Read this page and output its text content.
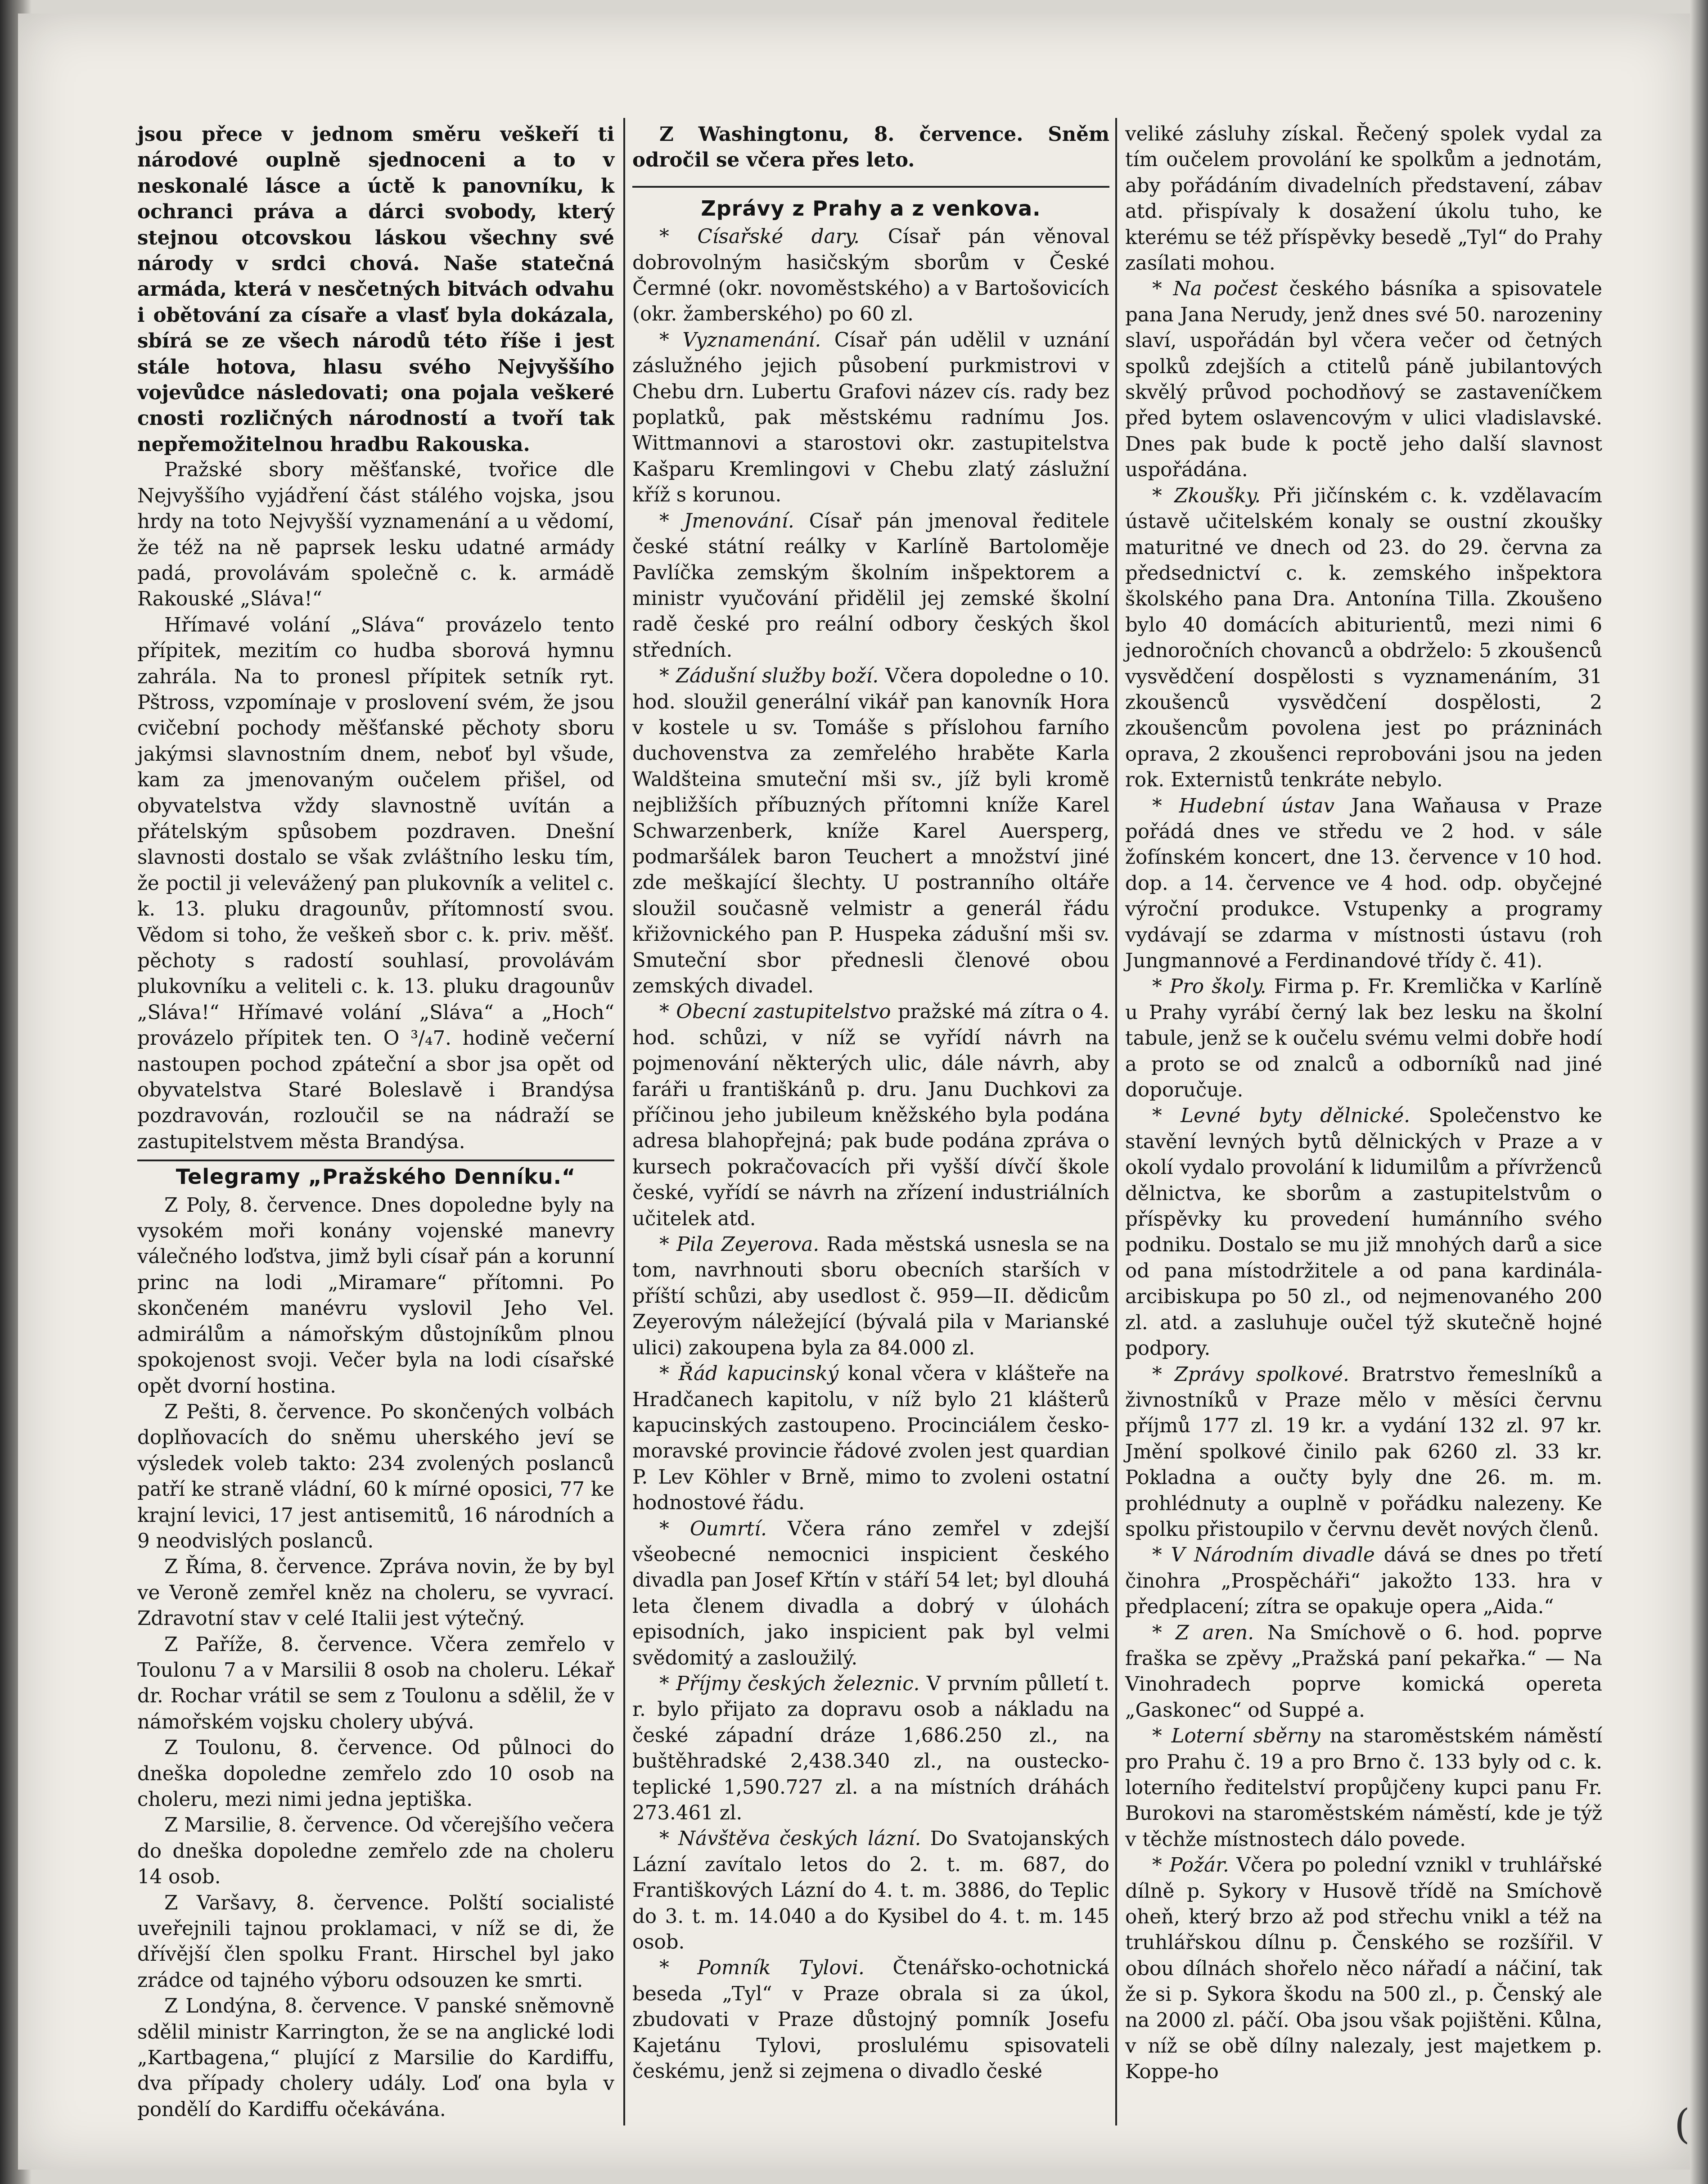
jsou přece v jednom směru veškeří ti národové ouplně sjednoceni a to v neskonalé lásce a úctě k panovníku, k ochranci práva a dárci svobody, který stejnou otcovskou láskou všechny své národy v srdci chová. Naše statečná armáda, která v nesčetných bitvách odvahu i obětování za císaře a vlasť byla dokázala, sbírá se ze všech národů této říše i jest stále hotova, hlasu svého Nejvyššího vojevůdce následovati; ona pojala veškeré cnosti rozličných národností a tvoří tak nepřemožitelnou hradbu Rakouska.

Pražské sbory měšťanské, tvořice dle Nejvyššího vyjádření část stálého vojska, jsou hrdy na toto Nejvyšší vyznamenání a u vědomí, že též na ně paprsek lesku udatné armády padá, provolávám společně c. k. armádě Rakouské „Sláva!“

Hřímavé volání „Sláva“ provázelo tento přípitek, mezitím co hudba sborová hymnu zahrála. Na to pronesl přípitek setník ryt. Pštross, vzpomínaje v proslovení svém, že jsou cvičební pochody měšťanské pěchoty sboru jakýmsi slavnostním dnem, neboť byl všude, kam za jmenovaným oučelem přišel, od obyvatelstva vždy slavnostně uvítán a přátelským spůsobem pozdraven. Dnešní slavnosti dostalo se však zvláštního lesku tím, že poctil ji velevážený pan plukovník a velitel c. k. 13. pluku dragounův, přítomností svou. Vědom si toho, že veškeň sbor c. k. priv. měšť. pěchoty s radostí souhlasí, provolávám plukovníku a veliteli c. k. 13. pluku dragounův „Sláva!“ Hřímavé volání „Sláva“ a „Hoch“ provázelo přípitek ten. O ³/₄7. hodině večerní nastoupen pochod zpáteční a sbor jsa opět od obyvatelstva Staré Boleslavě i Brandýsa pozdravován, rozloučil se na nádraží se zastupitelstvem města Brandýsa.

Telegramy „Pražského Denníku.“

Z Poly, 8. července. Dnes dopoledne byly na vysokém moři konány vojenské manevry válečného loďstva, jimž byli císař pán a korunní princ na lodi „Miramare“ přítomni. Po skončeném manévru vyslovil Jeho Vel. admirálům a námořským důstojníkům plnou spokojenost svoji. Večer byla na lodi císařské opět dvorní hostina.

Z Pešti, 8. července. Po skončených volbách doplňovacích do sněmu uherského jeví se výsledek voleb takto: 234 zvolených poslanců patří ke straně vládní, 60 k mírné oposici, 77 ke krajní levici, 17 jest antisemitů, 16 národních a 9 neodvislých poslanců.

Z Říma, 8. července. Zpráva novin, že by byl ve Veroně zemřel kněz na choleru, se vyvrací. Zdravotní stav v celé Italii jest výtečný.

Z Paříže, 8. července. Včera zemřelo v Toulonu 7 a v Marsilii 8 osob na choleru. Lékař dr. Rochar vrátil se sem z Toulonu a sdělil, že v námořském vojsku cholery ubývá.

Z Toulonu, 8. července. Od půlnoci do dneška dopoledne zemřelo zdo 10 osob na choleru, mezi nimi jedna jeptiška.

Z Marsilie, 8. července. Od včerejšího večera do dneška dopoledne zemřelo zde na choleru 14 osob.

Z Varšavy, 8. července. Polští socialisté uveřejnili tajnou proklamaci, v níž se di, že dřívější člen spolku Frant. Hirschel byl jako zrádce od tajného výboru odsouzen ke smrti.

Z Londýna, 8. července. V panské sněmovně sdělil ministr Karrington, že se na anglické lodi „Kartbagena,“ plující z Marsilie do Kardiffu, dva případy cholery udály. Loď ona byla v pondělí do Kardiffu očekávána.

Z Washingtonu, 8. července. Sněm odročil se včera přes leto.

Zprávy z Prahy a z venkova.

* Císařské dary. Císař pán věnoval dobrovolným hasičským sborům v České Čermné (okr. novoměstského) a v Bartošovicích (okr. žamberského) po 60 zl.

* Vyznamenání. Císař pán udělil v uznání záslužného jejich působení purkmistrovi v Chebu drn. Lubertu Grafovi název cís. rady bez poplatků, pak městskému radnímu Jos. Wittmannovi a starostovi okr. zastupitelstva Kašparu Kremlingovi v Chebu zlatý záslužní kříž s korunou.

* Jmenování. Císař pán jmenoval ředitele české státní reálky v Karlíně Bartoloměje Pavlíčka zemským školním inšpektorem a ministr vyučování přidělil jej zemské školní radě české pro reální odbory českých škol středních.

* Zádušní služby boží. Včera dopoledne o 10. hod. sloužil generální vikář pan kanovník Hora v kostele u sv. Tomáše s příslohou farního duchovenstva za zemřelého hraběte Karla Waldšteina smuteční mši sv., jíž byli kromě nejbližších příbuzných přítomni kníže Karel Schwarzenberk, kníže Karel Auersperg, podmaršálek baron Teuchert a množství jiné zde meškající šlechty. U postranního oltáře sloužil současně velmistr a generál řádu křižovnického pan P. Huspeka zádušní mši sv. Smuteční sbor přednesli členové obou zemských divadel.

* Obecní zastupitelstvo pražské má zítra o 4. hod. schůzi, v níž se vyřídí návrh na pojmenování některých ulic, dále návrh, aby faráři u františkánů p. dru. Janu Duchkovi za příčinou jeho jubileum kněžského byla podána adresa blahopřejná; pak bude podána zpráva o kursech pokračovacích při vyšší dívčí škole české, vyřídí se návrh na zřízení industriálních učitelek atd.

* Pila Zeyerova. Rada městská usnesla se na tom, navrhnouti sboru obecních starších v příští schůzi, aby usedlost č. 959—II. dědicům Zeyerovým náležející (bývalá pila v Marianské ulici) zakoupena byla za 84.000 zl.

* Řád kapucinský konal včera v klášteře na Hradčanech kapitolu, v níž bylo 21 klášterů kapucinských zastoupeno. Procinciálem česko-moravské provincie řádové zvolen jest quardian P. Lev Köhler v Brně, mimo to zvoleni ostatní hodnostové řádu.

* Oumrtí. Včera ráno zemřel v zdejší všeobecné nemocnici inspicient českého divadla pan Josef Křtín v stáří 54 let; byl dlouhá leta členem divadla a dobrý v úlohách episodních, jako inspicient pak byl velmi svědomitý a zasloužilý.

* Příjmy českých železnic. V prvním půlletí t. r. bylo přijato za dopravu osob a nákladu na české západní dráze 1,686.250 zl., na buštěhradské 2,438.340 zl., na oustecko-teplické 1,590.727 zl. a na místních dráhách 273.461 zl.

* Návštěva českých lázní. Do Svatojanských Lázní zavítalo letos do 2. t. m. 687, do Františkových Lázní do 4. t. m. 3886, do Teplic do 3. t. m. 14.040 a do Kysibel do 4. t. m. 145 osob.

* Pomník Tylovi. Čtenářsko-ochotnická beseda „Tyl“ v Praze obrala si za úkol, zbudovati v Praze důstojný pomník Josefu Kajetánu Tylovi, proslulému spisovateli českému, jenž si zejmena o divadlo české

veliké zásluhy získal. Řečený spolek vydal za tím oučelem provolání ke spolkům a jednotám, aby pořádáním divadelních představení, zábav atd. přispívaly k dosažení úkolu tuho, ke kterému se též příspěvky besedě „Tyl“ do Prahy zasílati mohou.

* Na počest českého básníka a spisovatele pana Jana Nerudy, jenž dnes své 50. narozeniny slaví, uspořádán byl včera večer od četných spolků zdejších a ctitelů páně jubilantových skvělý průvod pochodňový se zastaveníčkem před bytem oslavencovým v ulici vladislavské. Dnes pak bude k poctě jeho další slavnost uspořádána.

* Zkoušky. Při jičínském c. k. vzdělavacím ústavě učitelském konaly se oustní zkoušky maturitné ve dnech od 23. do 29. června za předsednictví c. k. zemského inšpektora školského pana Dra. Antonína Tilla. Zkoušeno bylo 40 domácích abiturientů, mezi nimi 6 jednoročních chovanců a obdrželo: 5 zkoušenců vysvědčení dospělosti s vyznamenáním, 31 zkoušenců vysvědčení dospělosti, 2 zkoušencům povolena jest po prázninách oprava, 2 zkoušenci reprobováni jsou na jeden rok. Externistů tenkráte nebylo.

* Hudební ústav Jana Waňausa v Praze pořádá dnes ve středu ve 2 hod. v sále žofínském koncert, dne 13. července v 10 hod. dop. a 14. července ve 4 hod. odp. obyčejné výroční produkce. Vstupenky a programy vydávají se zdarma v místnosti ústavu (roh Jungmannové a Ferdinandové třídy č. 41).

* Pro školy. Firma p. Fr. Kremlička v Karlíně u Prahy vyrábí černý lak bez lesku na školní tabule, jenž se k oučelu svému velmi dobře hodí a proto se od znalců a odborníků nad jiné doporučuje.

* Levné byty dělnické. Společenstvo ke stavění levných bytů dělnických v Praze a v okolí vydalo provolání k lidumilům a přívrženců dělnictva, ke sborům a zastupitelstvům o příspěvky ku provedení humánního svého podniku. Dostalo se mu již mnohých darů a sice od pana místodržitele a od pana kardinála-arcibiskupa po 50 zl., od nejmenovaného 200 zl. atd. a zasluhuje oučel týž skutečně hojné podpory.

* Zprávy spolkové. Bratrstvo řemeslníků a živnostníků v Praze mělo v měsíci červnu příjmů 177 zl. 19 kr. a vydání 132 zl. 97 kr. Jmění spolkové činilo pak 6260 zl. 33 kr. Pokladna a oučty byly dne 26. m. m. prohlédnuty a ouplně v pořádku nalezeny. Ke spolku přistoupilo v červnu devět nových členů.

* V Národním divadle dává se dnes po třetí činohra „Prospěcháři“ jakožto 133. hra v předplacení; zítra se opakuje opera „Aida.“

* Z aren. Na Smíchově o 6. hod. poprve fraška se zpěvy „Pražská paní pekařka.“ — Na Vinohradech poprve komická opereta „Gaskonec“ od Suppé a.

* Loterní sběrny na staroměstském náměstí pro Prahu č. 19 a pro Brno č. 133 byly od c. k. loterního ředitelství propůjčeny kupci panu Fr. Burokovi na staroměstském náměstí, kde je týž v těchže místnostech dálo povede.

* Požár. Včera po polední vznikl v truhlářské dílně p. Sykory v Husově třídě na Smíchově oheň, který brzo až pod střechu vnikl a též na truhlářskou dílnu p. Čenského se rozšířil. V obou dílnách shořelo něco nářadí a náčiní, tak že si p. Sykora škodu na 500 zl., p. Čenský ale na 2000 zl. páčí. Oba jsou však pojištěni. Kůlna, v níž se obě dílny nalezaly, jest majetkem p. Koppe-ho

(
